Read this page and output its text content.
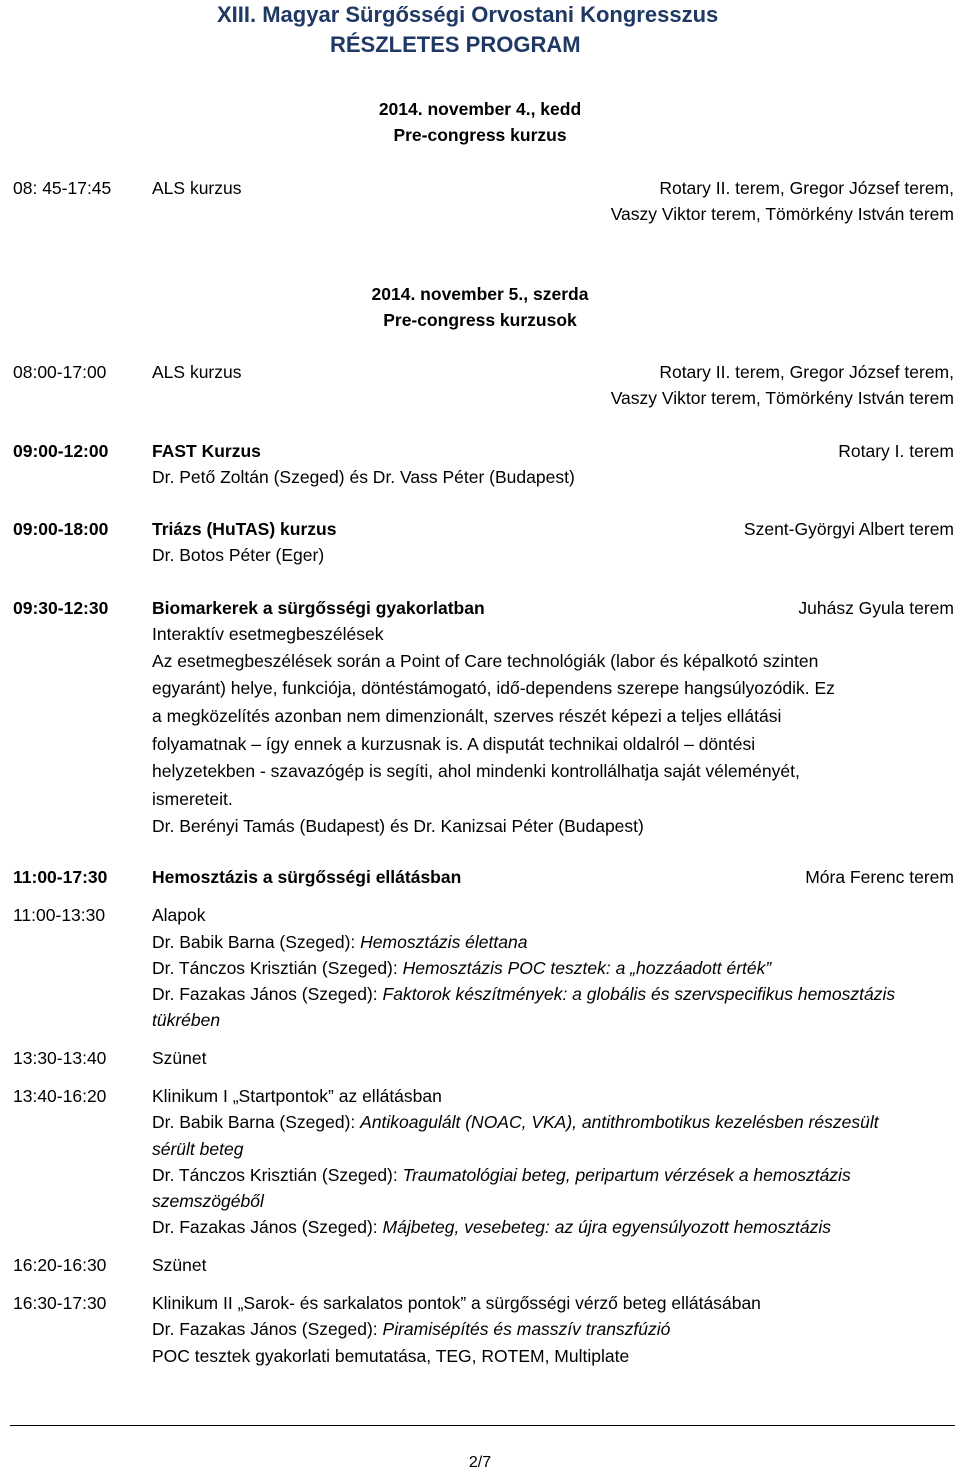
XIII. Magyar Sürgősségi Orvostani Kongresszus
RÉSZLETES PROGRAM
2014. november 4., kedd
Pre-congress kurzus
08: 45-17:45 ALS kurzus	Rotary II. terem, Gregor József terem,
Vaszy Viktor terem, Tömörkény István terem
2014. november 5., szerda
Pre-congress kurzusok
08:00-17:00	ALS kurzus	Rotary II. terem, Gregor József terem,
Vaszy Viktor terem, Tömörkény István terem
09:00-12:00 FAST Kurzus	Rotary I. terem
Dr. Pető Zoltán (Szeged) és Dr. Vass Péter (Budapest)
09:00-18:00 Triázs (HuTAS) kurzus	Szent-Györgyi Albert terem
Dr. Botos Péter (Eger)
09:30-12:30 Biomarkerek a sürgősségi gyakorlatban	Juhász Gyula terem
Interaktív esetmegbeszélések
Az esetmegbeszélések során a Point of Care technológiák (labor és képalkotó szinten
egyaránt) helye, funkciója, döntéstámogató, idő-dependens szerepe hangsúlyozódik. Ez
a megközelítés azonban nem dimenzionált, szerves részét képezi a teljes ellátási
folyamatnak – így ennek a kurzusnak is. A disputát technikai oldalról – döntési
helyzetekben - szavazógép is segíti, ahol mindenki kontrollálhatja saját véleményét,
ismereteit.
Dr. Berényi Tamás (Budapest) és Dr. Kanizsai Péter (Budapest)
11:00-17:30	Hemosztázis a sürgősségi ellátásban	Móra Ferenc terem
11:00-13:30	Alapok
Dr. Babik Barna (Szeged): Hemosztázis élettana
Dr. Tánczos Krisztián (Szeged): Hemosztázis POC tesztek: a „hozzáadott érték”
Dr. Fazakas János (Szeged): Faktorok készítmények: a globális és szervspecifikus hemosztázis
tükrében
13:30-13:40	Szünet
13:40-16:20	Klinikum I „Startpontok” az ellátásban
Dr. Babik Barna (Szeged): Antikoagulált (NOAC, VKA), antithrombotikus kezelésben részesült
sérült beteg
Dr. Tánczos Krisztián (Szeged): Traumatológiai beteg, peripartum vérzések a hemosztázis
szemszögéből
Dr. Fazakas János (Szeged): Májbeteg, vesebeteg: az újra egyensúlyozott hemosztázis
16:20-16:30	Szünet
16:30-17:30	Klinikum II „Sarok- és sarkalatos pontok” a sürgősségi vérző beteg ellátásában
Dr. Fazakas János (Szeged): Piramisépítés és masszív transzfúzió
POC tesztek gyakorlati bemutatása, TEG, ROTEM, Multiplate
2/7
